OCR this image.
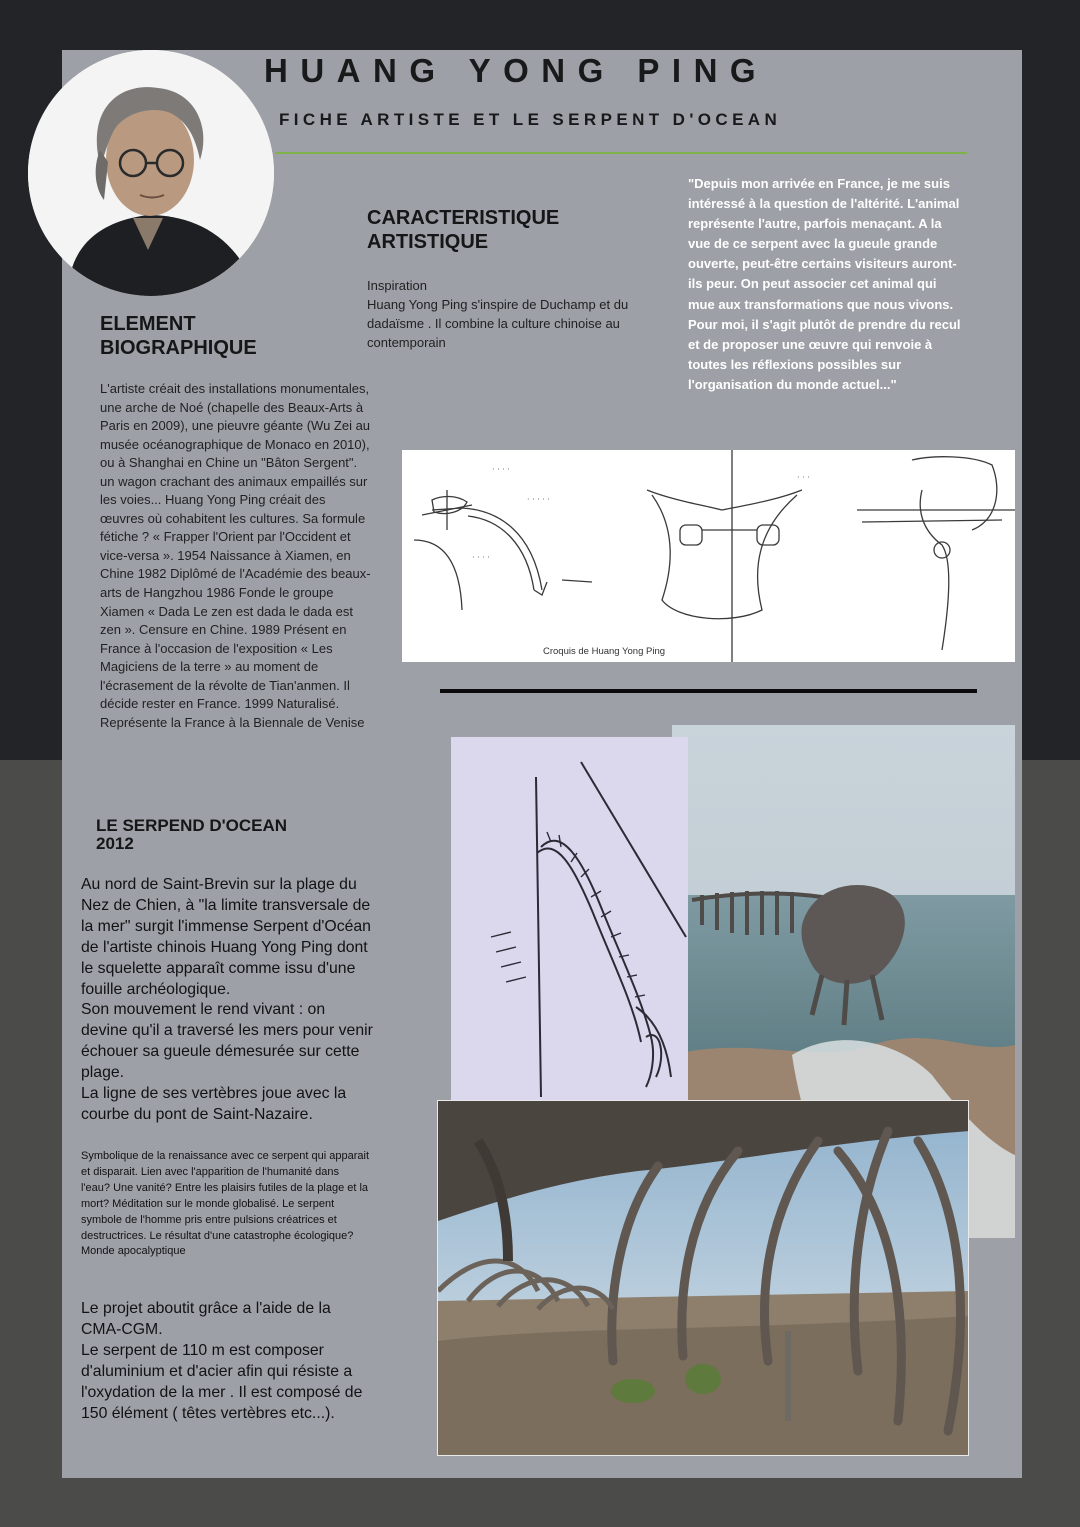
HUANG YONG PING
FICHE ARTISTE ET LE SERPENT D'OCEAN
ELEMENT
BIOGRAPHIQUE
L'artiste créait des installations monumentales, une arche de Noé (chapelle des Beaux-Arts à Paris en 2009), une pieuvre géante (Wu Zei au musée océanographique de Monaco en 2010), ou à Shanghai en Chine un "Bâton Sergent". un wagon crachant des animaux empaillés sur les voies... Huang Yong Ping créait des œuvres où cohabitent les cultures. Sa formule fétiche ? « Frapper l'Orient par l'Occident et vice-versa ». 1954 Naissance à Xiamen, en Chine 1982 Diplômé de l'Académie des beaux-arts de Hangzhou 1986 Fonde le groupe Xiamen « Dada Le zen est dada le dada est zen ». Censure en Chine. 1989 Présent en France à l'occasion de l'exposition « Les Magiciens de la terre » au moment de l'écrasement de la révolte de Tian'anmen. Il décide rester en France. 1999 Naturalisé. Représente la France à la Biennale de Venise
CARACTERISTIQUE
ARTISTIQUE
Inspiration
Huang Yong Ping s'inspire de Duchamp et du dadaïsme . Il combine la culture chinoise au contemporain
"Depuis mon arrivée en France, je me suis intéressé à la question de l'altérité. L'animal représente l'autre, parfois menaçant. A la vue de ce serpent avec la gueule grande ouverte, peut-être certains visiteurs auront-ils peur. On peut associer cet animal qui mue aux transformations que nous vivons. Pour moi, il s'agit plutôt de prendre du recul et de proposer une œuvre qui renvoie à toutes les réflexions possibles sur l'organisation du monde actuel..."
· · · ·
· · · · ·
· · · ·
· · ·
Croquis de Huang Yong Ping
LE SERPEND D'OCEAN
2012

Au nord de Saint-Brevin sur la plage du Nez de Chien, à "la limite transversale de la mer" surgit l'immense Serpent d'Océan de l'artiste chinois Huang Yong Ping dont le squelette apparaît comme issu d'une fouille archéologique.

Son mouvement le rend vivant : on devine qu'il a traversé les mers pour venir échouer sa gueule démesurée sur cette plage.

La ligne de ses vertèbres joue avec la courbe du pont de Saint-Nazaire.

Symbolique de la renaissance avec ce serpent qui apparait et disparait. Lien avec l'apparition de l'humanité dans l'eau? Une vanité? Entre les plaisirs futiles de la plage et la mort? Méditation sur le monde globalisé. Le serpent symbole de l'homme pris entre pulsions créatrices et destructrices. Le résultat d'une catastrophe écologique? Monde apocalyptique

Le projet aboutit grâce a l'aide de la CMA-CGM.

Le serpent de 110 m est composer d'aluminium et d'acier afin qui résiste a l'oxydation de la mer . Il est composé de 150 élément ( têtes vertèbres etc...).
